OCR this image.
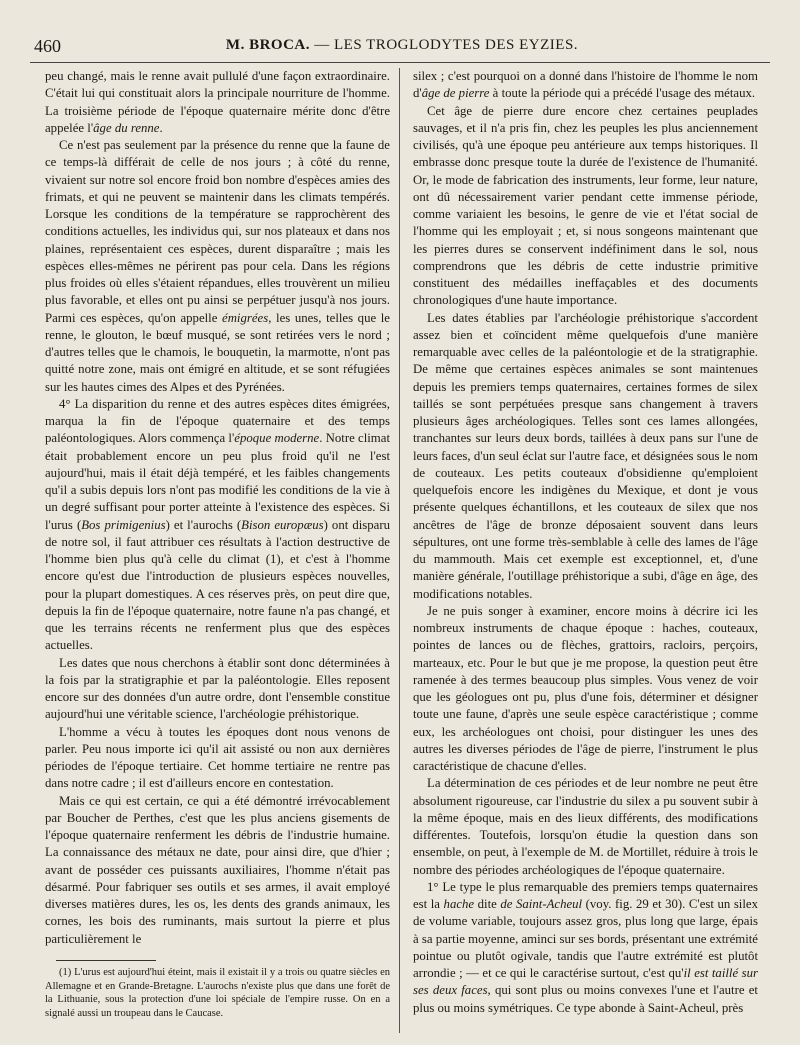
460	M. BROCA. — LES TROGLODYTES DES EYZIES.

peu changé, mais le renne avait pullulé d'une façon extraordinaire. C'était lui qui constituait alors la principale nourriture de l'homme. La troisième période de l'époque quaternaire mérite donc d'être appelée l'âge du renne.

Ce n'est pas seulement par la présence du renne que la faune de ce temps-là différait de celle de nos jours ; à côté du renne, vivaient sur notre sol encore froid bon nombre d'espèces amies des frimats, et qui ne peuvent se maintenir dans les climats tempérés. Lorsque les conditions de la température se rapprochèrent des conditions actuelles, les individus qui, sur nos plateaux et dans nos plaines, représentaient ces espèces, durent disparaître ; mais les espèces elles-mêmes ne périrent pas pour cela. Dans les régions plus froides où elles s'étaient répandues, elles trouvèrent un milieu plus favorable, et elles ont pu ainsi se perpétuer jusqu'à nos jours. Parmi ces espèces, qu'on appelle émigrées, les unes, telles que le renne, le glouton, le bœuf musqué, se sont retirées vers le nord ; d'autres telles que le chamois, le bouquetin, la marmotte, n'ont pas quitté notre zone, mais ont émigré en altitude, et se sont réfugiées sur les hautes cimes des Alpes et des Pyrénées.

4° La disparition du renne et des autres espèces dites émigrées, marqua la fin de l'époque quaternaire et des temps paléontologiques. Alors commença l'époque moderne. Notre climat était probablement encore un peu plus froid qu'il ne l'est aujourd'hui, mais il était déjà tempéré, et les faibles changements qu'il a subis depuis lors n'ont pas modifié les conditions de la vie à un degré suffisant pour porter atteinte à l'existence des espèces. Si l'urus (Bos primigenius) et l'aurochs (Bison europæus) ont disparu de notre sol, il faut attribuer ces résultats à l'action destructive de l'homme bien plus qu'à celle du climat (1), et c'est à l'homme encore qu'est due l'introduction de plusieurs espèces nouvelles, pour la plupart domestiques. A ces réserves près, on peut dire que, depuis la fin de l'époque quaternaire, notre faune n'a pas changé, et que les terrains récents ne renferment plus que des espèces actuelles.

Les dates que nous cherchons à établir sont donc déterminées à la fois par la stratigraphie et par la paléontologie. Elles reposent encore sur des données d'un autre ordre, dont l'ensemble constitue aujourd'hui une véritable science, l'archéologie préhistorique.

L'homme a vécu à toutes les époques dont nous venons de parler. Peu nous importe ici qu'il ait assisté ou non aux dernières périodes de l'époque tertiaire. Cet homme tertiaire ne rentre pas dans notre cadre ; il est d'ailleurs encore en contestation.

Mais ce qui est certain, ce qui a été démontré irrévocablement par Boucher de Perthes, c'est que les plus anciens gisements de l'époque quaternaire renferment les débris de l'industrie humaine. La connaissance des métaux ne date, pour ainsi dire, que d'hier ; avant de posséder ces puissants auxiliaires, l'homme n'était pas désarmé. Pour fabriquer ses outils et ses armes, il avait employé diverses matières dures, les os, les dents des grands animaux, les cornes, les bois des ruminants, mais surtout la pierre et plus particulièrement le

silex ; c'est pourquoi on a donné dans l'histoire de l'homme le nom d'âge de pierre à toute la période qui a précédé l'usage des métaux.

Cet âge de pierre dure encore chez certaines peuplades sauvages, et il n'a pris fin, chez les peuples les plus anciennement civilisés, qu'à une époque peu antérieure aux temps historiques. Il embrasse donc presque toute la durée de l'existence de l'humanité. Or, le mode de fabrication des instruments, leur forme, leur nature, ont dû nécessairement varier pendant cette immense période, comme variaient les besoins, le genre de vie et l'état social de l'homme qui les employait ; et, si nous songeons maintenant que les pierres dures se conservent indéfiniment dans le sol, nous comprendrons que les débris de cette industrie primitive constituent des médailles ineffaçables et des documents chronologiques d'une haute importance.

Les dates établies par l'archéologie préhistorique s'accordent assez bien et coïncident même quelquefois d'une manière remarquable avec celles de la paléontologie et de la stratigraphie. De même que certaines espèces animales se sont maintenues depuis les premiers temps quaternaires, certaines formes de silex taillés se sont perpétuées presque sans changement à travers plusieurs âges archéologiques. Telles sont ces lames allongées, tranchantes sur leurs deux bords, taillées à deux pans sur l'une de leurs faces, d'un seul éclat sur l'autre face, et désignées sous le nom de couteaux. Les petits couteaux d'obsidienne qu'emploient quelquefois encore les indigènes du Mexique, et dont je vous présente quelques échantillons, et les couteaux de silex que nos ancêtres de l'âge de bronze déposaient souvent dans leurs sépultures, ont une forme très-semblable à celle des lames de l'âge du mammouth. Mais cet exemple est exceptionnel, et, d'une manière générale, l'outillage préhistorique a subi, d'âge en âge, des modifications notables.

Je ne puis songer à examiner, encore moins à décrire ici les nombreux instruments de chaque époque : haches, couteaux, pointes de lances ou de flèches, grattoirs, racloirs, perçoirs, marteaux, etc. Pour le but que je me propose, la question peut être ramenée à des termes beaucoup plus simples. Vous venez de voir que les géologues ont pu, plus d'une fois, déterminer et désigner toute une faune, d'après une seule espèce caractéristique ; comme eux, les archéologues ont choisi, pour distinguer les unes des autres les diverses périodes de l'âge de pierre, l'instrument le plus caractéristique de chacune d'elles.

La détermination de ces périodes et de leur nombre ne peut être absolument rigoureuse, car l'industrie du silex a pu souvent subir à la même époque, mais en des lieux différents, des modifications différentes. Toutefois, lorsqu'on étudie la question dans son ensemble, on peut, à l'exemple de M. de Mortillet, réduire à trois le nombre des périodes archéologiques de l'époque quaternaire.

1° Le type le plus remarquable des premiers temps quaternaires est la hache dite de Saint-Acheul (voy. fig. 29 et 30). C'est un silex de volume variable, toujours assez gros, plus long que large, épais à sa partie moyenne, aminci sur ses bords, présentant une extrémité pointue ou plutôt ogivale, tandis que l'autre extrémité est plutôt arrondie ; — et ce qui le caractérise surtout, c'est qu'il est taillé sur ses deux faces, qui sont plus ou moins convexes l'une et l'autre et plus ou moins symétriques. Ce type abonde à Saint-Acheul, près

(1) L'urus est aujourd'hui éteint, mais il existait il y a trois ou quatre siècles en Allemagne et en Grande-Bretagne. L'aurochs n'existe plus que dans une forêt de la Lithuanie, sous la protection d'une loi spéciale de l'empire russe. On en a signalé aussi un troupeau dans le Caucase.
